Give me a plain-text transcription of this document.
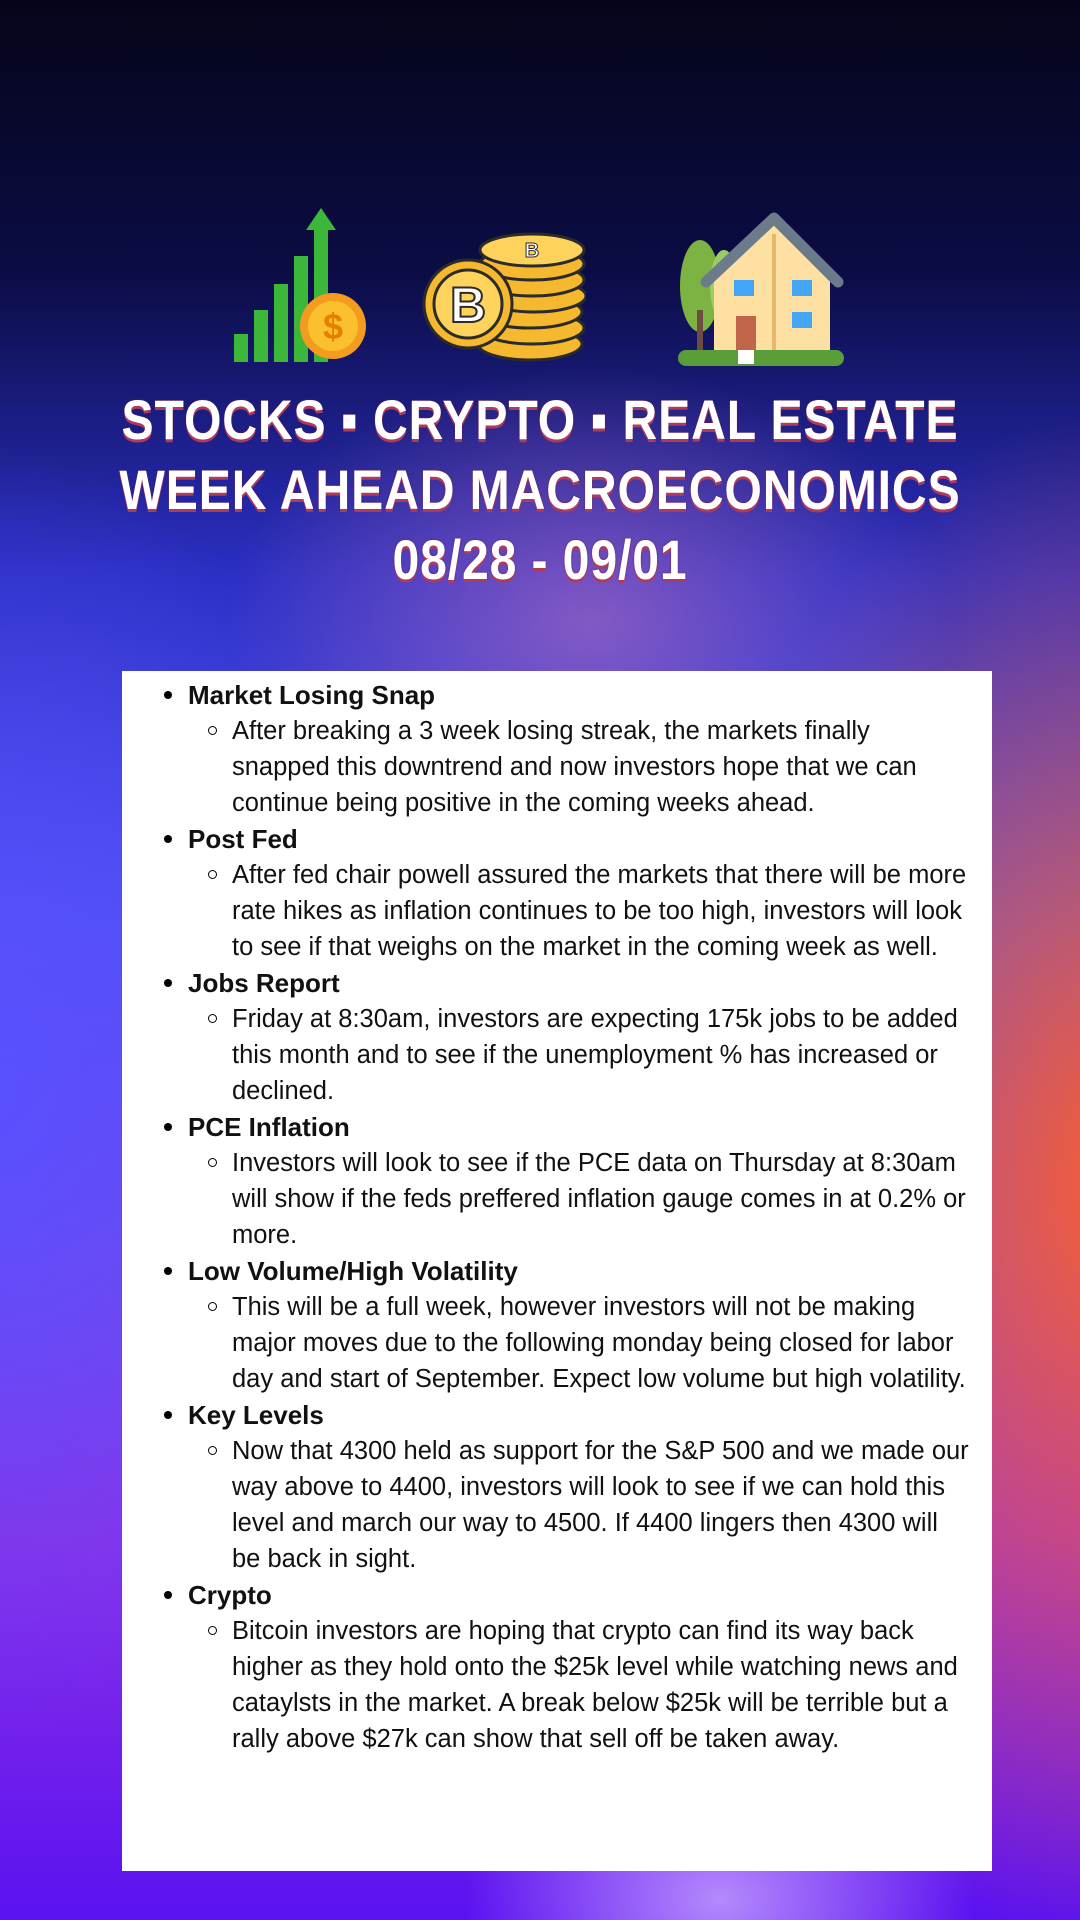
$ B
B
STOCKS ▪ CRYPTO ▪ REAL ESTATE
WEEK AHEAD MACROECONOMICS
08/28 - 09/01
Market Losing Snap
After breaking a 3 week losing streak, the markets finally snapped this downtrend and now investors hope that we can continue being positive in the coming weeks ahead.
Post Fed
After fed chair powell assured the markets that there will be more rate hikes as inflation continues to be too high, investors will look to see if that weighs on the market in the coming week as well.
Jobs Report
Friday at 8:30am, investors are expecting 175k jobs to be added this month and to see if the unemployment % has increased or declined.
PCE Inflation
Investors will look to see if the PCE data on Thursday at 8:30am will show if the feds preffered inflation gauge comes in at 0.2% or more.
Low Volume/High Volatility
This will be a full week, however investors will not be making major moves due to the following monday being closed for labor day and start of September. Expect low volume but high volatility.
Key Levels
Now that 4300 held as support for the S&P 500 and we made our way above to 4400, investors will look to see if we can hold this level and march our way to 4500. If 4400 lingers then 4300 will be back in sight.
Crypto
Bitcoin investors are hoping that crypto can find its way back higher as they hold onto the $25k level while watching news and cataylsts in the market. A break below $25k will be terrible but a rally above $27k can show that sell off be taken away.
